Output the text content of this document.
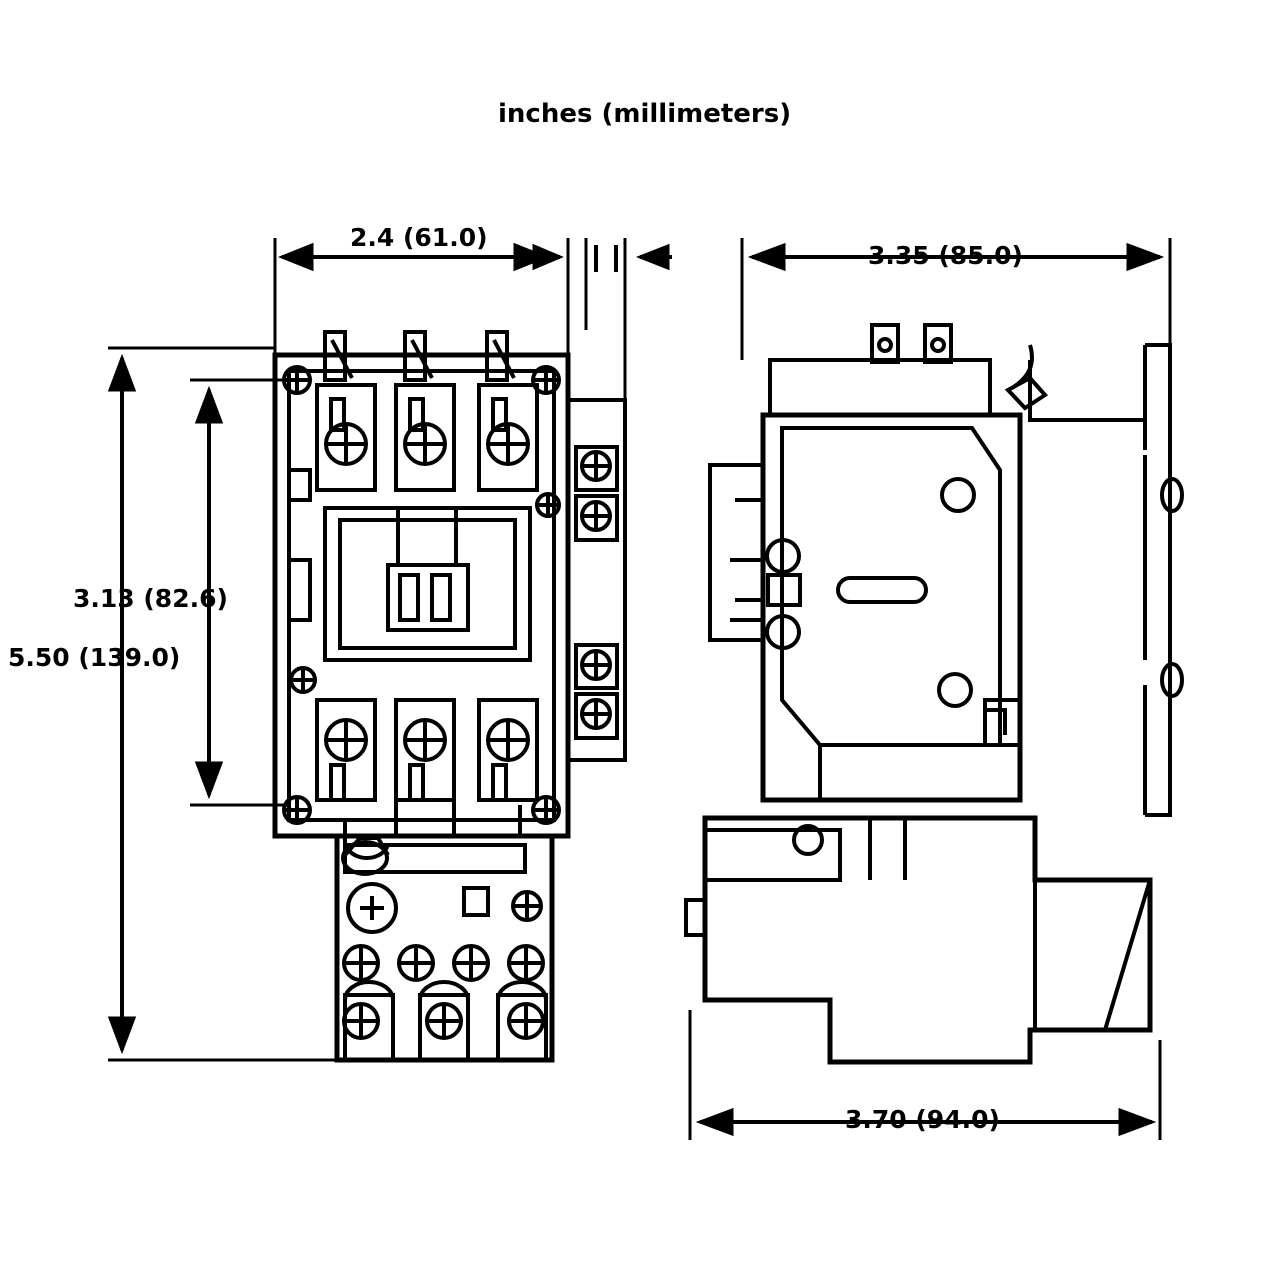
inches (millimeters)
2.4 (61.0)
3.35 (85.0)
3.13 (82.6)
5.50 (139.0)
3.70 (94.0)
